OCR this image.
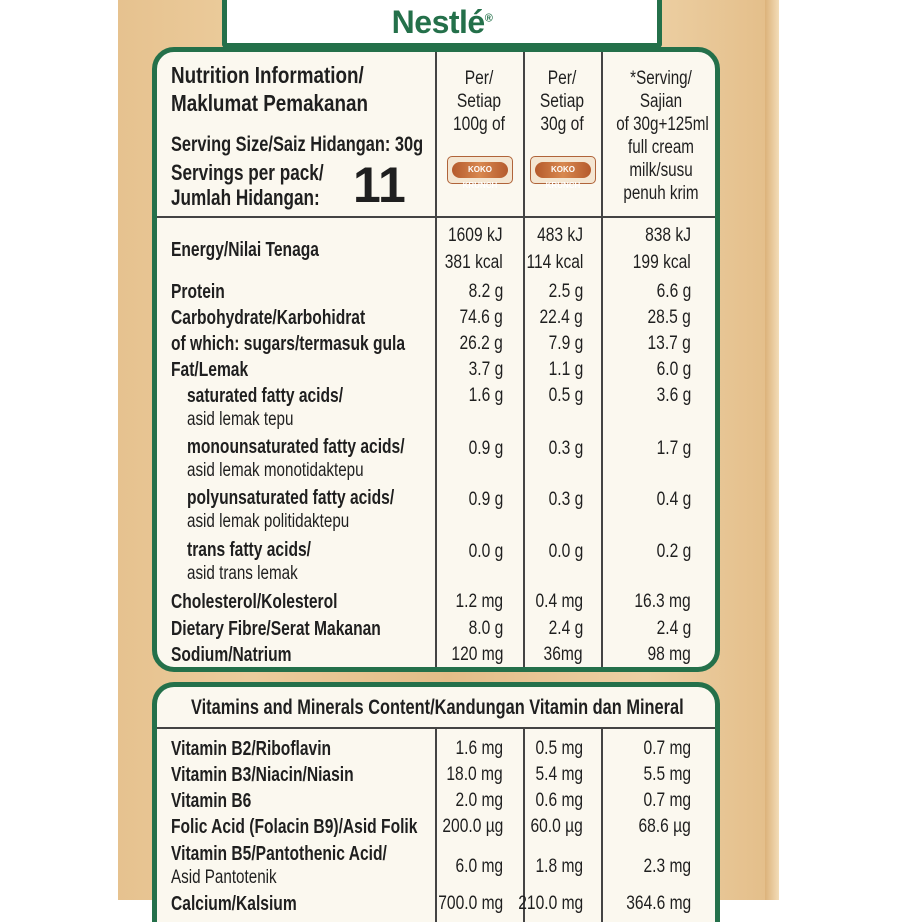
Nestlé®
Nutrition Information/
Maklumat Pemakanan
Serving Size/Saiz Hidangan: 30g
Servings per pack/
Jumlah Hidangan: 11
Per/
Setiap
100g of
KOKO KRUNCH
Per/
Setiap
30g of
KOKO KRUNCH
*Serving/
Sajian
of 30g+125ml
full cream
milk/susu
penuh krim
Energy/Nilai Tenaga
1609 kJ 483 kJ	838 kJ
381 kcal 114 kcal	199 kcal
Protein	8.2 g 2.5 g	6.6 g
Carbohydrate/Karbohidrat	74.6 g 22.4 g	28.5 g
of which: sugars/termasuk gula	26.2 g 7.9 g	13.7 g
Fat/Lemak	3.7 g 1.1 g	6.0 g
saturated fatty acids/
asid lemak tepu
1.6 g 0.5 g	3.6 g
monounsaturated fatty acids/
asid lemak monotidaktepu
0.9 g 0.3 g	1.7 g
polyunsaturated fatty acids/
asid lemak politidaktepu
0.9 g 0.3 g	0.4 g
trans fatty acids/
asid trans lemak
0.0 g 0.0 g	0.2 g
Cholesterol/Kolesterol	1.2 mg 0.4 mg	16.3 mg
Dietary Fibre/Serat Makanan	8.0 g 2.4 g	2.4 g
Sodium/Natrium	120 mg 36mg	98 mg
Vitamins and Minerals Content/Kandungan Vitamin dan Mineral
Vitamin B2/Riboflavin	1.6 mg 0.5 mg	0.7 mg
Vitamin B3/Niacin/Niasin	18.0 mg 5.4 mg	5.5 mg
Vitamin B6	2.0 mg 0.6 mg	0.7 mg
Folic Acid (Folacin B9)/Asid Folik 200.0 µg 60.0 µg	68.6 µg
Vitamin B5/Pantothenic Acid/
Asid Pantotenik
6.0 mg 1.8 mg	2.3 mg
Calcium/Kalsium	700.0 mg 210.0 mg 364.6 mg
